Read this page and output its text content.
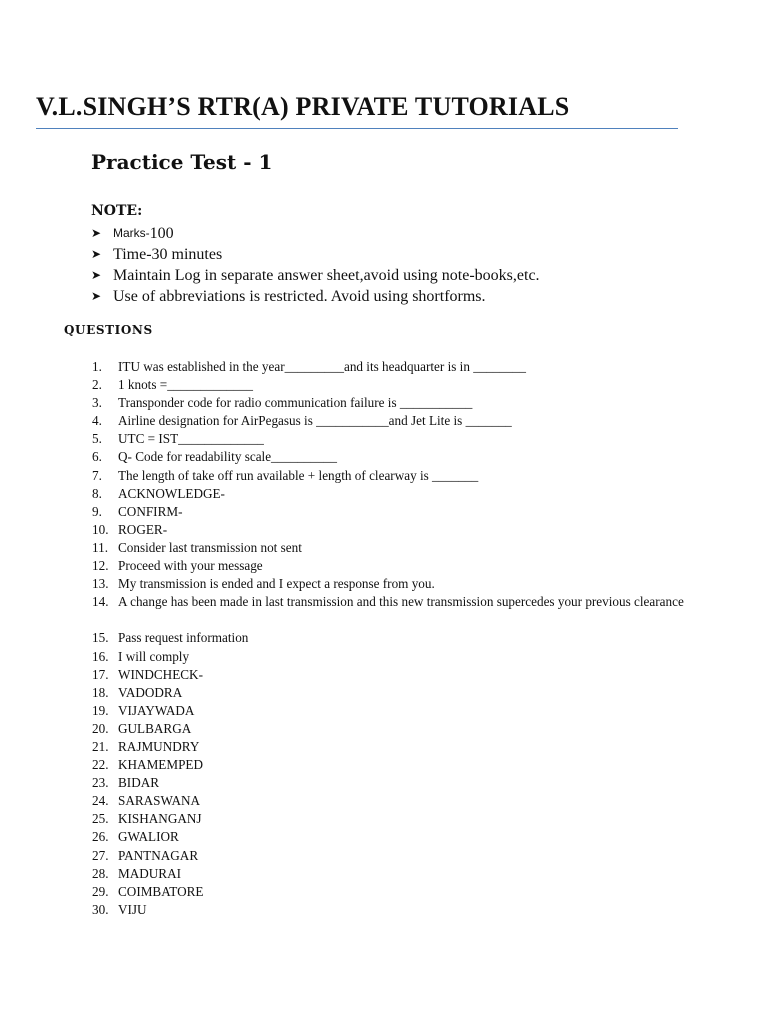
V.L.SINGH’S RTR(A) PRIVATE TUTORIALS
Practice Test - 1
NOTE:
➤ Marks- 100
➤ Time-30 minutes
➤ Maintain Log in separate answer sheet,avoid using note-books,etc.
➤ Use of abbreviations is restricted. Avoid using shortforms.
QUESTIONS
1.	ITU was established in the year_________and its headquarter is in ________
2.	1 knots =_____________
3.	Transponder code for radio communication failure is ___________
4.	Airline designation for AirPegasus is ___________and Jet Lite is _______
5.	UTC = IST_____________
6.	Q- Code for readability scale__________
7.	The length of take off run available + length of clearway is _______
8.	ACKNOWLEDGE-
9.	CONFIRM-
10. ROGER-
11. Consider last transmission not sent
12. Proceed with your message
13. My transmission is ended and I expect a response from you.
14. A change has been made in last transmission and this new transmission supercedes your previous clearance
15. Pass request information
16. I will comply
17. WINDCHECK-
18. VADODRA
19. VIJAYWADA
20. GULBARGA
21. RAJMUNDRY
22. KHAMEMPED
23. BIDAR
24. SARASWANA
25. KISHANGANJ
26. GWALIOR
27. PANTNAGAR
28. MADURAI
29. COIMBATORE
30. VIJU
